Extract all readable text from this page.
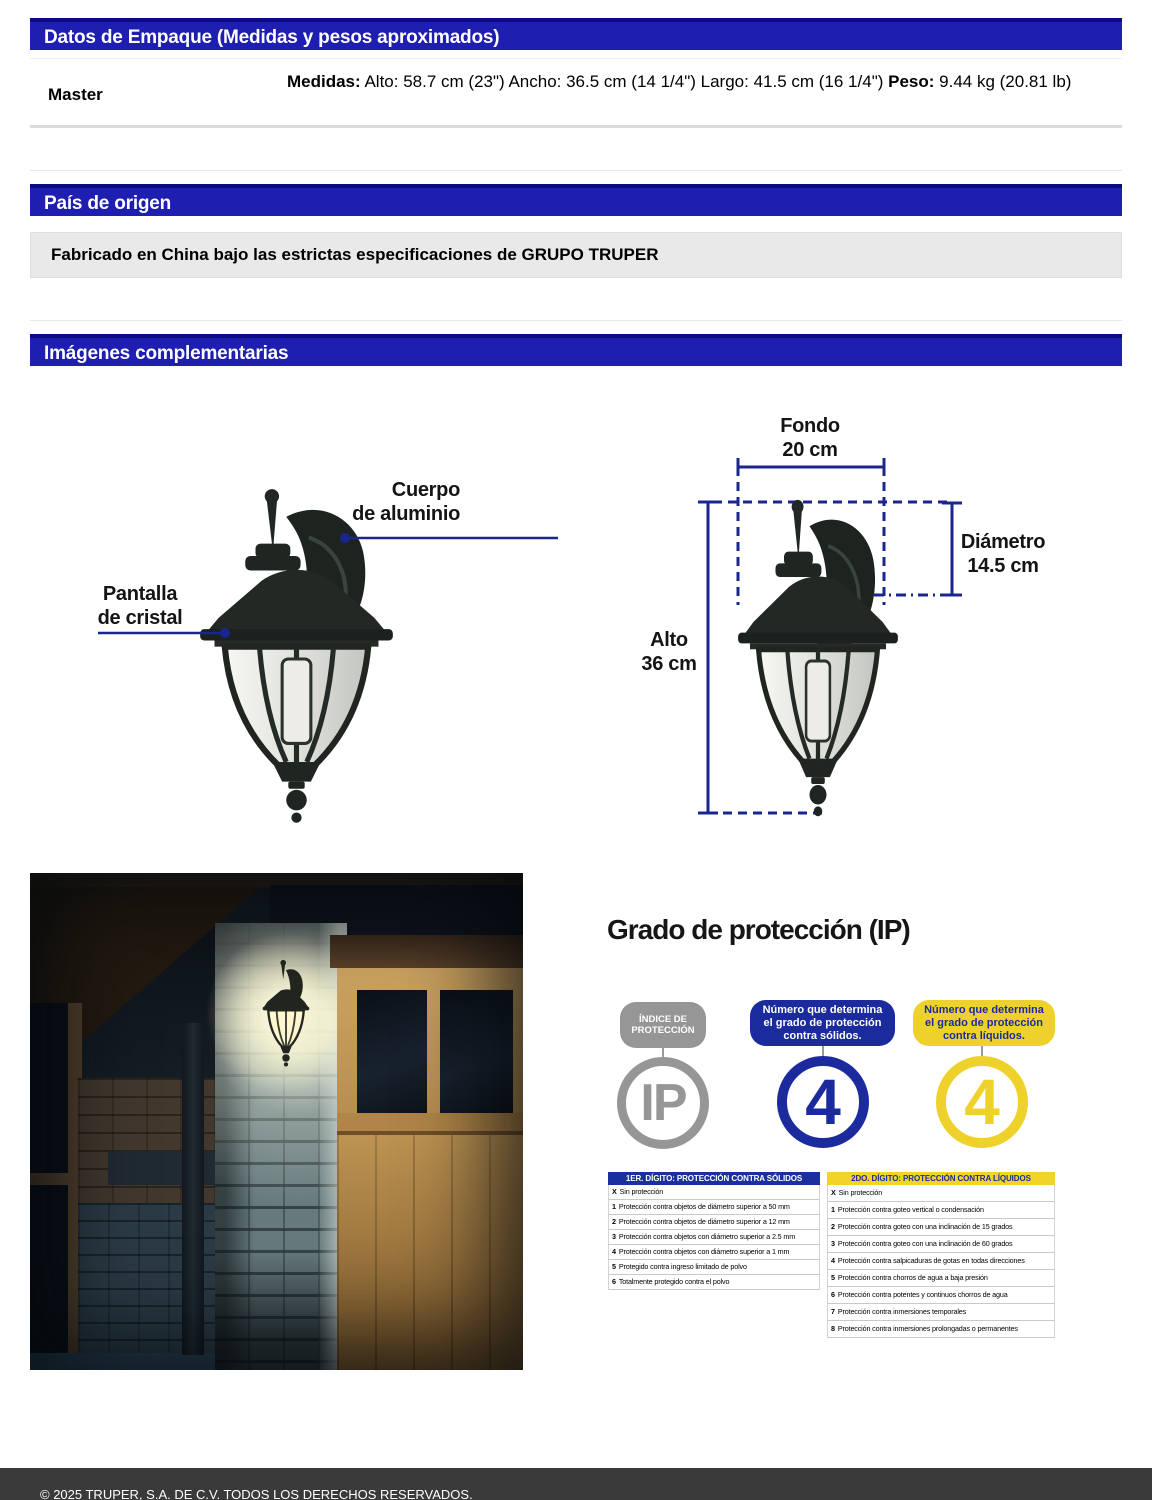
Datos de Empaque (Medidas y pesos aproximados)
Master
Medidas: Alto: 58.7 cm (23") Ancho: 36.5 cm (14 1/4") Largo: 41.5 cm (16 1/4") Peso: 9.44 kg (20.81 lb)
País de origen
Fabricado en China bajo las estrictas especificaciones de GRUPO TRUPER
Imágenes complementarias
Cuerpo
de aluminio
Pantalla
de cristal
Fondo
20 cm
Diámetro
14.5 cm
Alto
36 cm
Grado de protección (IP)
ÍNDICE DE PROTECCIÓN
Número que determina el grado de protección contra sólidos.
Número que determina el grado de protección contra líquidos.
IP 4 4
1ER. DÍGITO: PROTECCIÓN CONTRA SÓLIDOS
X Sin protección
1 Protección contra objetos de diámetro superior a 50 mm
2 Protección contra objetos de diámetro superior a 12 mm
3 Protección contra objetos con diámetro superior a 2.5 mm
4 Protección contra objetos con diámetro superior a 1 mm
5 Protegido contra ingreso limitado de polvo
6 Totalmente protegido contra el polvo
2DO. DÍGITO: PROTECCIÓN CONTRA LÍQUIDOS
X Sin protección
1 Protección contra goteo vertical o condensación
2 Protección contra goteo con una inclinación de 15 grados
3 Protección contra goteo con una inclinación de 60 grados
4 Protección contra salpicaduras de gotas en todas direcciones
5 Protección contra chorros de agua a baja presión
6 Protección contra potentes y continuos chorros de agua
7 Protección contra inmersiones temporales
8 Protección contra inmersiones prolongadas o permanentes
© 2025 TRUPER, S.A. DE C.V. TODOS LOS DERECHOS RESERVADOS.
